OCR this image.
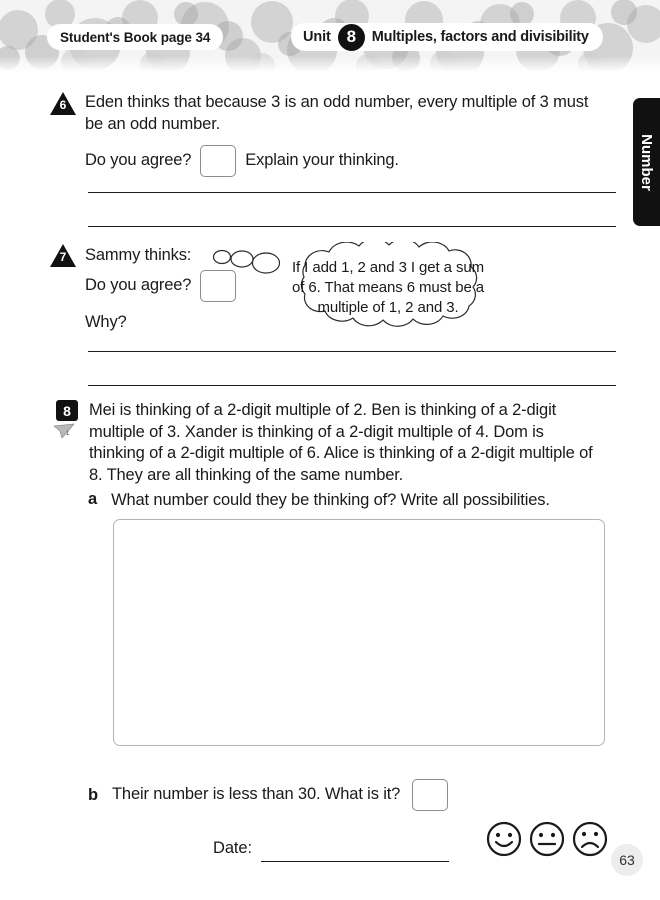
Student's Book page 34	Unit 8	Multiples, factors and divisibility
Number
6	Eden thinks that because 3 is an odd number, every multiple of 3 must be an odd number.
Do you agree?	Explain your thinking.
7	Sammy thinks:
Do you agree?
Why?
If I add 1, 2 and 3 I get a sum
of 6. That means 6 must be a
multiple of 1, 2 and 3.
8
1
Mei is thinking of a 2-digit multiple of 2. Ben is thinking of a 2-digit multiple of 3. Xander is thinking of a 2-digit multiple of 4. Dom is thinking of a 2-digit multiple of 6. Alice is thinking of a 2-digit multiple of 8. They are all thinking of the same number.
a What number could they be thinking of? Write all possibilities.
b Their number is less than 30. What is it?
Date:
63
